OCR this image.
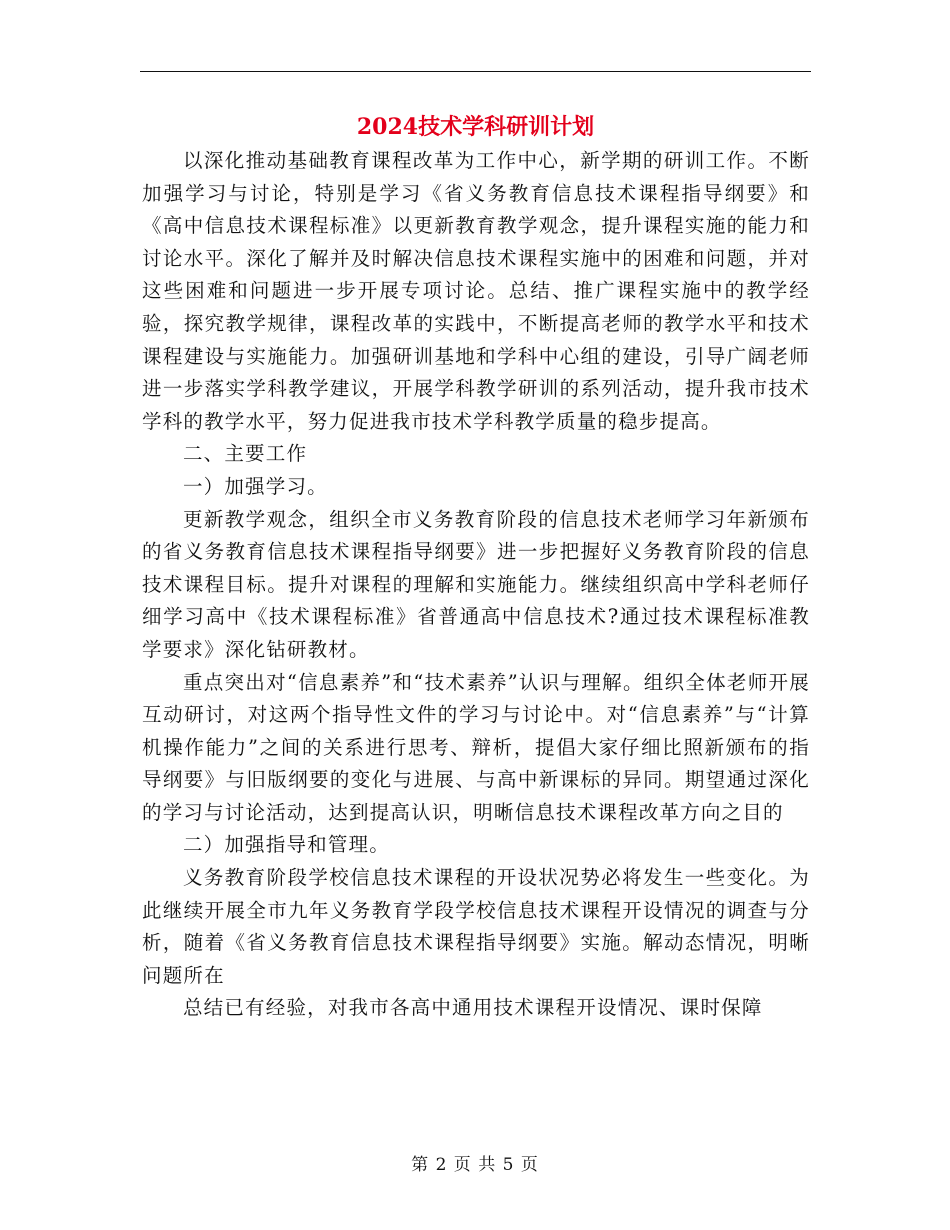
2024技术学科研训计划

以深化推动基础教育课程改革为工作中心，新学期的研训工作。不断加强学习与讨论，特别是学习《省义务教育信息技术课程指导纲要》和《高中信息技术课程标准》以更新教育教学观念，提升课程实施的能力和讨论水平。深化了解并及时解决信息技术课程实施中的困难和问题，并对这些困难和问题进一步开展专项讨论。总结、推广课程实施中的教学经验，探究教学规律，课程改革的实践中，不断提高老师的教学水平和技术课程建设与实施能力。加强研训基地和学科中心组的建设，引导广阔老师进一步落实学科教学建议，开展学科教学研训的系列活动，提升我市技术学科的教学水平，努力促进我市技术学科教学质量的稳步提高。

二、主要工作

一）加强学习。

更新教学观念，组织全市义务教育阶段的信息技术老师学习年新颁布的省义务教育信息技术课程指导纲要》进一步把握好义务教育阶段的信息技术课程目标。提升对课程的理解和实施能力。继续组织高中学科老师仔细学习高中《技术课程标准》省普通高中信息技术?通过技术课程标准教学要求》深化钻研教材。

重点突出对“信息素养”和“技术素养”认识与理解。组织全体老师开展互动研讨，对这两个指导性文件的学习与讨论中。对“信息素养”与“计算机操作能力”之间的关系进行思考、辩析，提倡大家仔细比照新颁布的指导纲要》与旧版纲要的变化与进展、与高中新课标的异同。期望通过深化的学习与讨论活动，达到提高认识，明晰信息技术课程改革方向之目的

二）加强指导和管理。

义务教育阶段学校信息技术课程的开设状况势必将发生一些变化。为此继续开展全市九年义务教育学段学校信息技术课程开设情况的调查与分析，随着《省义务教育信息技术课程指导纲要》实施。解动态情况，明晰问题所在

总结已有经验，对我市各高中通用技术课程开设情况、课时保障

第 2 页 共 5 页
